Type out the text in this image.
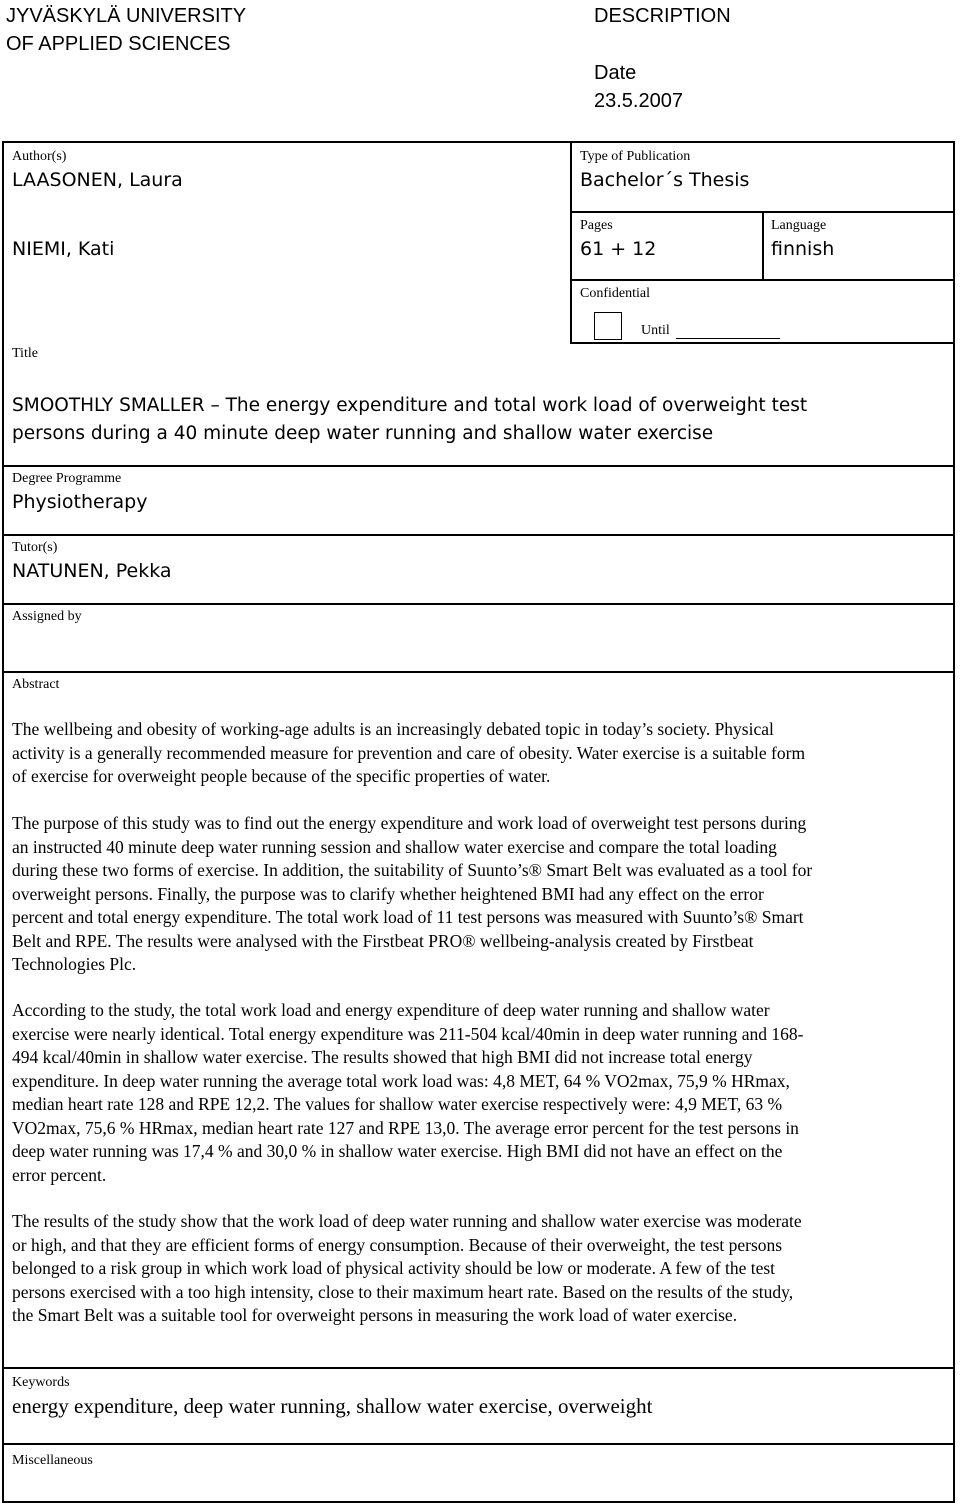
JYVÄSKYLÄ UNIVERSITY
OF APPLIED SCIENCES
DESCRIPTION
Date
23.5.2007
Author(s)
LAASONEN, Laura
NIEMI, Kati
Type of Publication
Bachelor´s Thesis
Pages
61 + 12
Language
finnish
Confidential
Until
Title
SMOOTHLY SMALLER – The energy expenditure and total work load of overweight test
persons during a 40 minute deep water running and shallow water exercise
Degree Programme
Physiotherapy
Tutor(s)
NATUNEN, Pekka
Assigned by
Abstract
The wellbeing and obesity of working-age adults is an increasingly debated topic in today’s society. Physical
activity is a generally recommended measure for prevention and care of obesity. Water exercise is a suitable form
of exercise for overweight people because of the specific properties of water.
The purpose of this study was to find out the energy expenditure and work load of overweight test persons during
an instructed 40 minute deep water running session and shallow water exercise and compare the total loading
during these two forms of exercise. In addition, the suitability of Suunto’s® Smart Belt was evaluated as a tool for
overweight persons. Finally, the purpose was to clarify whether heightened BMI had any effect on the error
percent and total energy expenditure. The total work load of 11 test persons was measured with Suunto’s® Smart
Belt and RPE. The results were analysed with the Firstbeat PRO® wellbeing-analysis created by Firstbeat
Technologies Plc.
According to the study, the total work load and energy expenditure of deep water running and shallow water
exercise were nearly identical. Total energy expenditure was 211-504 kcal/40min in deep water running and 168-
494 kcal/40min in shallow water exercise. The results showed that high BMI did not increase total energy
expenditure. In deep water running the average total work load was: 4,8 MET, 64 % VO2max, 75,9 % HRmax,
median heart rate 128 and RPE 12,2. The values for shallow water exercise respectively were: 4,9 MET, 63 %
VO2max, 75,6 % HRmax, median heart rate 127 and RPE 13,0. The average error percent for the test persons in
deep water running was 17,4 % and 30,0 % in shallow water exercise. High BMI did not have an effect on the
error percent.
The results of the study show that the work load of deep water running and shallow water exercise was moderate
or high, and that they are efficient forms of energy consumption. Because of their overweight, the test persons
belonged to a risk group in which work load of physical activity should be low or moderate. A few of the test
persons exercised with a too high intensity, close to their maximum heart rate. Based on the results of the study,
the Smart Belt was a suitable tool for overweight persons in measuring the work load of water exercise.
Keywords
energy expenditure, deep water running, shallow water exercise, overweight
Miscellaneous
